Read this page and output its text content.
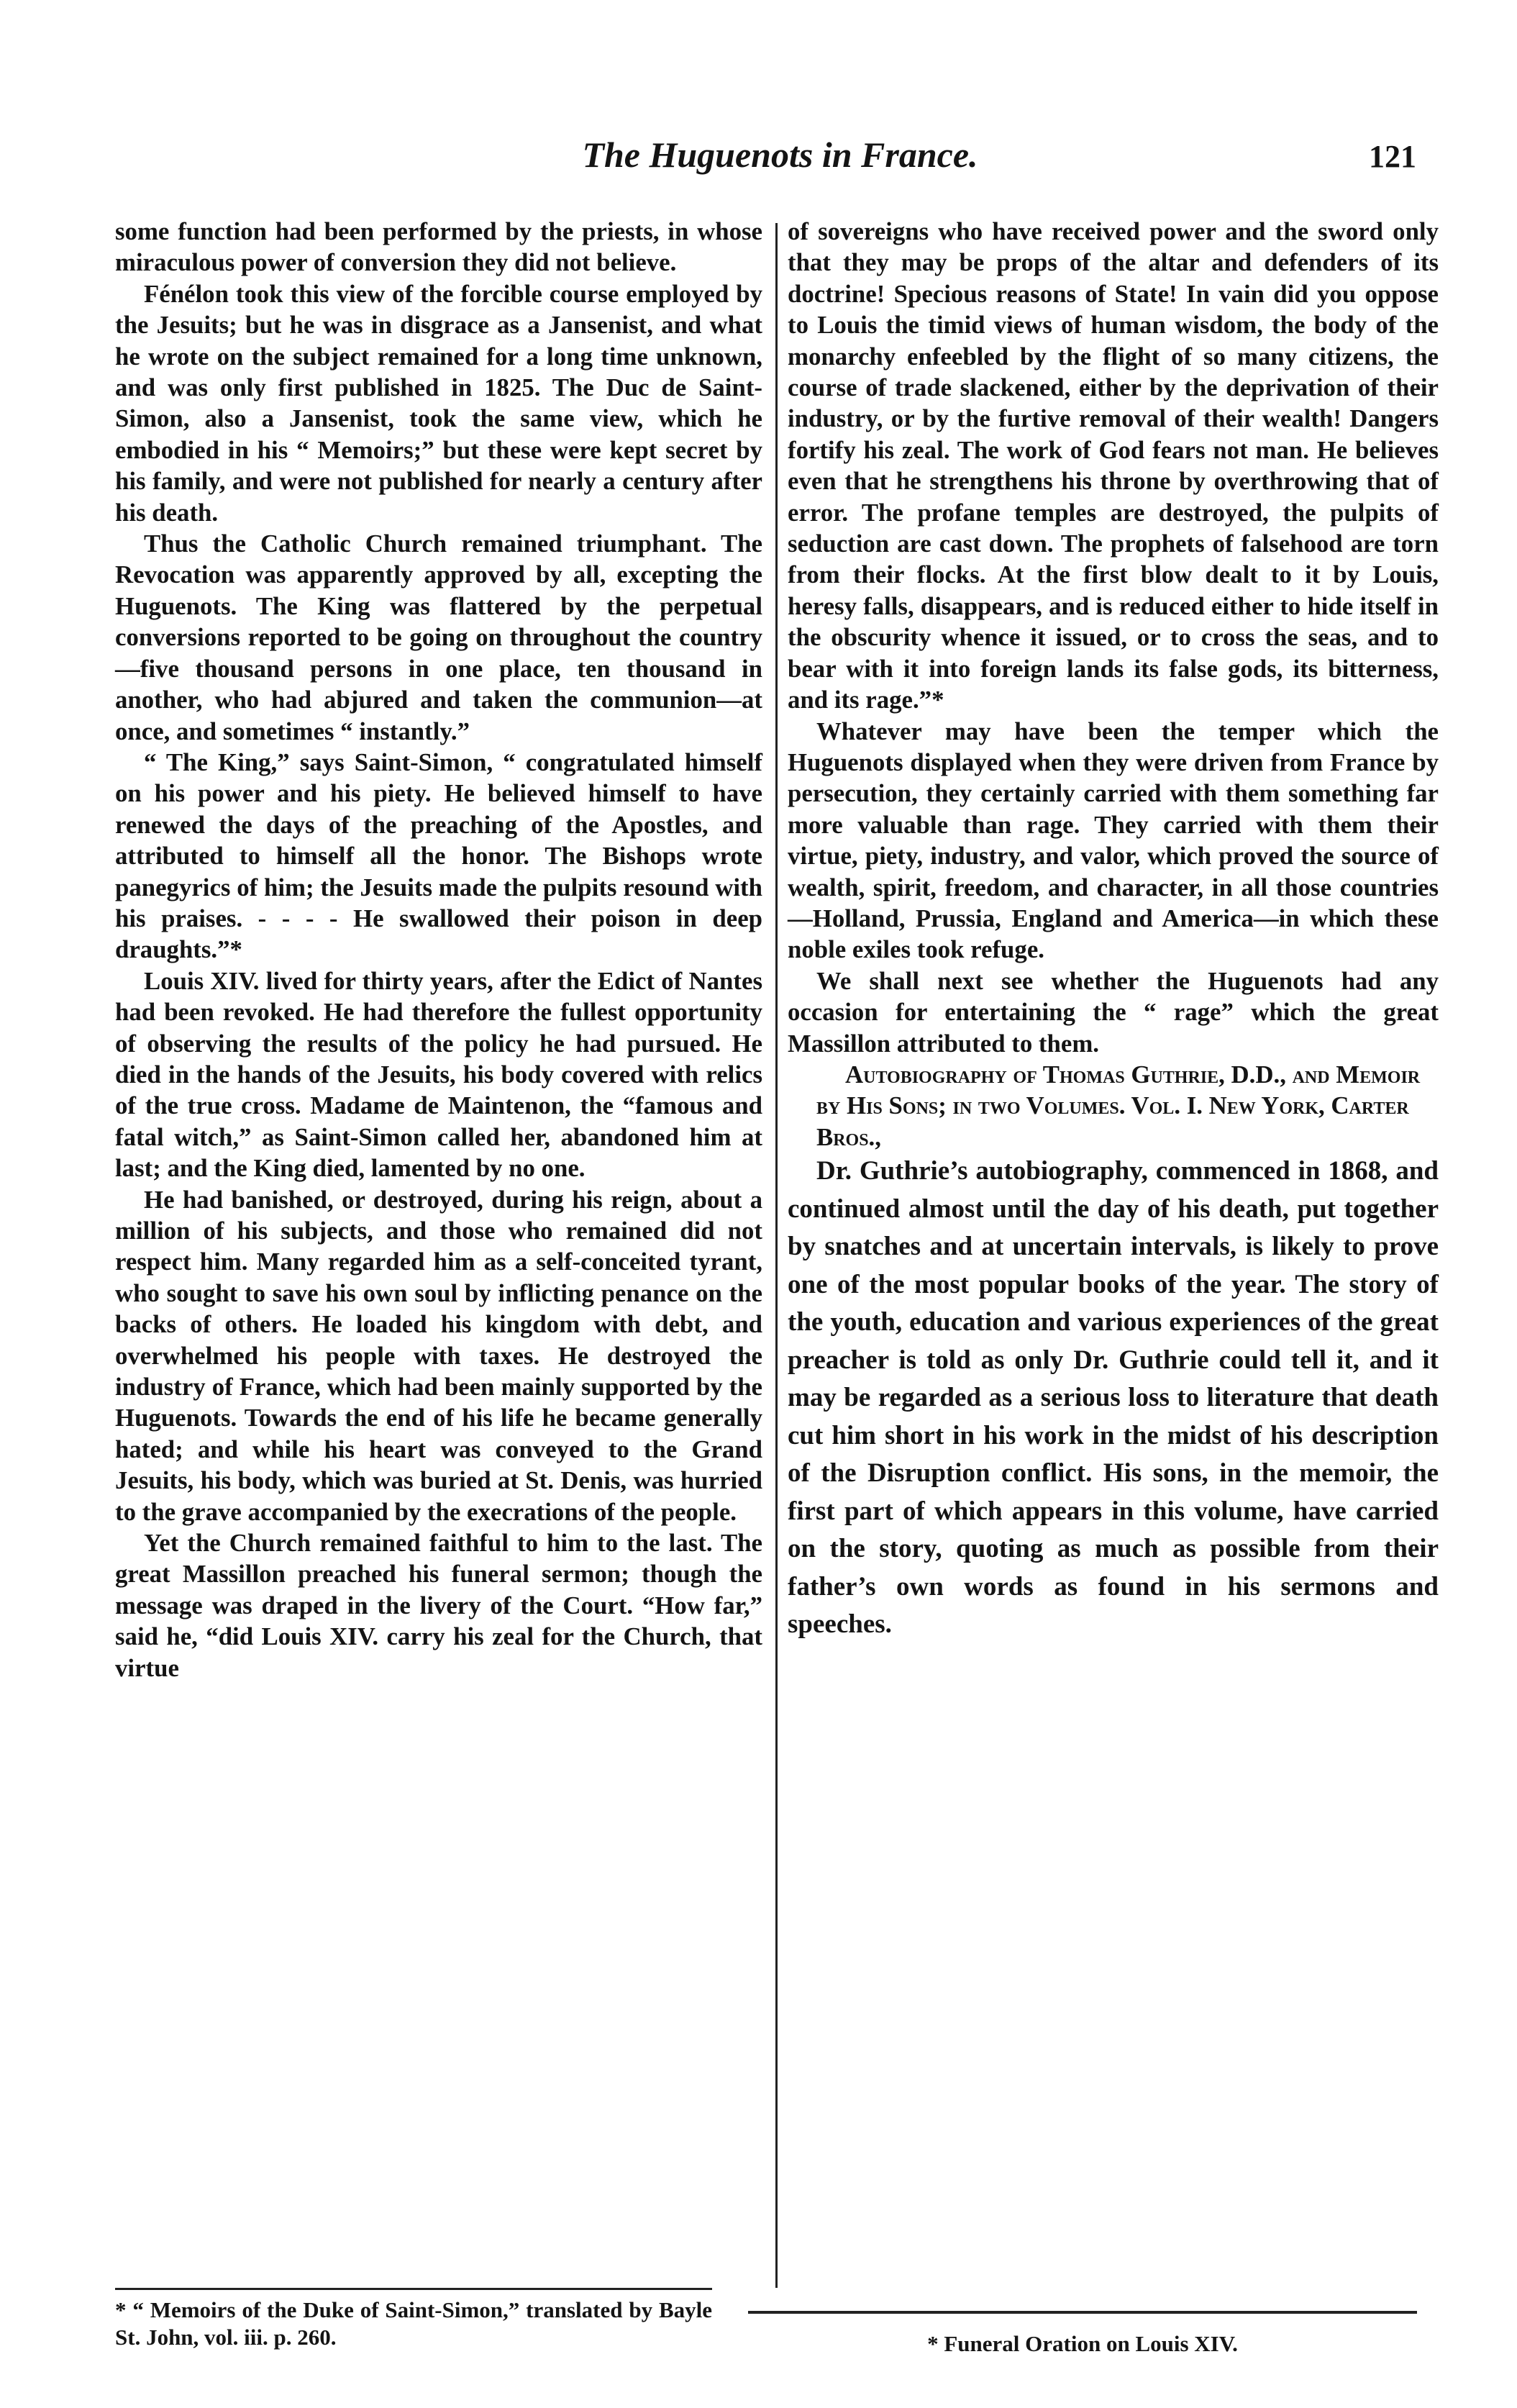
The Huguenots in France.	121

some function had been performed by the priests, in whose miraculous power of conversion they did not believe.

Fénélon took this view of the forcible course employed by the Jesuits; but he was in disgrace as a Jansenist, and what he wrote on the subject remained for a long time unknown, and was only first published in 1825. The Duc de Saint-Simon, also a Jansenist, took the same view, which he embodied in his “ Memoirs;” but these were kept secret by his family, and were not published for nearly a century after his death.

Thus the Catholic Church remained triumphant. The Revocation was apparently approved by all, excepting the Huguenots. The King was flattered by the perpetual conversions reported to be going on throughout the country—five thousand persons in one place, ten thousand in another, who had abjured and taken the communion—at once, and sometimes “ instantly.”

“ The King,” says Saint-Simon, “ congratulated himself on his power and his piety. He believed himself to have renewed the days of the preaching of the Apostles, and attributed to himself all the honor. The Bishops wrote panegyrics of him; the Jesuits made the pulpits resound with his praises. - - - - He swallowed their poison in deep draughts.”*

Louis XIV. lived for thirty years, after the Edict of Nantes had been revoked. He had therefore the fullest opportunity of observing the results of the policy he had pursued. He died in the hands of the Jesuits, his body covered with relics of the true cross. Madame de Maintenon, the “famous and fatal witch,” as Saint-Simon called her, abandoned him at last; and the King died, lamented by no one.

He had banished, or destroyed, during his reign, about a million of his subjects, and those who remained did not respect him. Many regarded him as a self-conceited tyrant, who sought to save his own soul by inflicting penance on the backs of others. He loaded his kingdom with debt, and overwhelmed his people with taxes. He destroyed the industry of France, which had been mainly supported by the Huguenots. Towards the end of his life he became generally hated; and while his heart was conveyed to the Grand Jesuits, his body, which was buried at St. Denis, was hurried to the grave accompanied by the execrations of the people.

Yet the Church remained faithful to him to the last. The great Massillon preached his funeral sermon; though the message was draped in the livery of the Court. “How far,” said he, “did Louis XIV. carry his zeal for the Church, that virtue

* “ Memoirs of the Duke of Saint-Simon,” translated by Bayle St. John, vol. iii. p. 260.

of sovereigns who have received power and the sword only that they may be props of the altar and defenders of its doctrine! Specious reasons of State! In vain did you oppose to Louis the timid views of human wisdom, the body of the monarchy enfeebled by the flight of so many citizens, the course of trade slackened, either by the deprivation of their industry, or by the furtive removal of their wealth! Dangers fortify his zeal. The work of God fears not man. He believes even that he strengthens his throne by overthrowing that of error. The profane temples are destroyed, the pulpits of seduction are cast down. The prophets of falsehood are torn from their flocks. At the first blow dealt to it by Louis, heresy falls, disappears, and is reduced either to hide itself in the obscurity whence it issued, or to cross the seas, and to bear with it into foreign lands its false gods, its bitterness, and its rage.”*

Whatever may have been the temper which the Huguenots displayed when they were driven from France by persecution, they certainly carried with them something far more valuable than rage. They carried with them their virtue, piety, industry, and valor, which proved the source of wealth, spirit, freedom, and character, in all those countries—Holland, Prussia, England and America—in which these noble exiles took refuge.

We shall next see whether the Huguenots had any occasion for entertaining the “ rage” which the great Massillon attributed to them.

Autobiography of Thomas Guthrie, D.D., and Memoir by His Sons; in two Volumes. Vol. I. New York, Carter Bros.,

Dr. Guthrie’s autobiography, commenced in 1868, and continued almost until the day of his death, put together by snatches and at uncertain intervals, is likely to prove one of the most popular books of the year. The story of the youth, education and various experiences of the great preacher is told as only Dr. Guthrie could tell it, and it may be regarded as a serious loss to literature that death cut him short in his work in the midst of his description of the Disruption conflict. His sons, in the memoir, the first part of which appears in this volume, have carried on the story, quoting as much as possible from their father’s own words as found in his sermons and speeches.

* Funeral Oration on Louis XIV.
